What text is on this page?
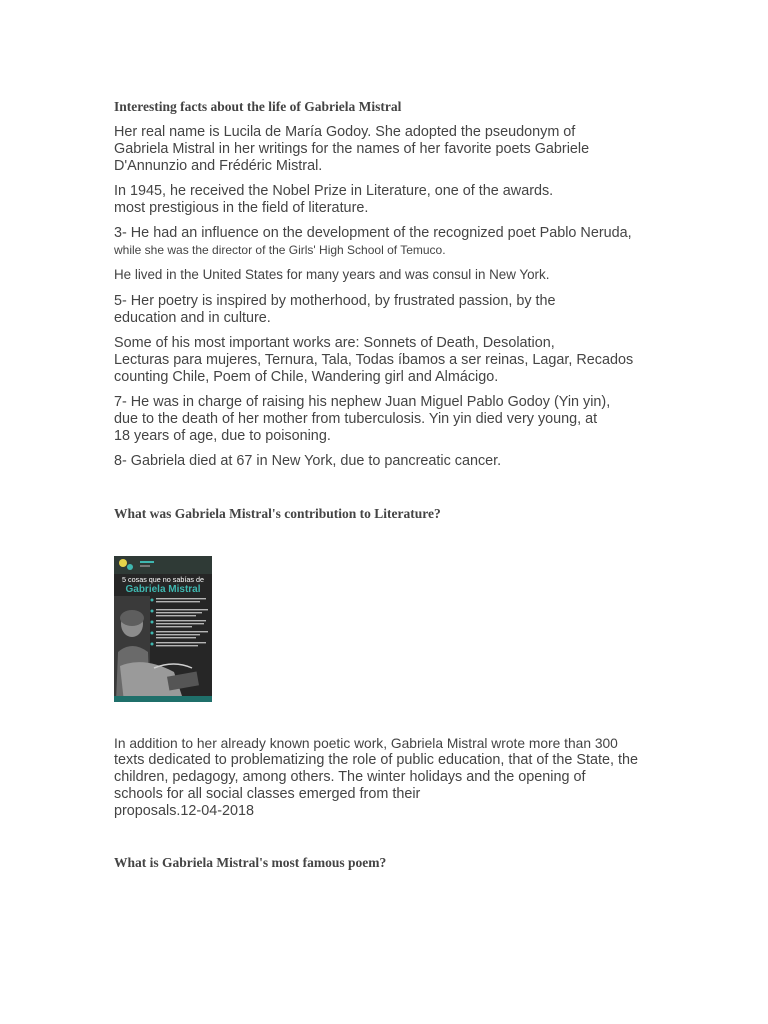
Interesting facts about the life of Gabriela Mistral

Her real name is Lucila de María Godoy. She adopted the pseudonym of
Gabriela Mistral in her writings for the names of her favorite poets Gabriele
D'Annunzio and Frédéric Mistral.

In 1945, he received the Nobel Prize in Literature, one of the awards.
most prestigious in the field of literature.

3- He had an influence on the development of the recognized poet Pablo Neruda,
while she was the director of the Girls' High School of Temuco.

He lived in the United States for many years and was consul in New York.

5- Her poetry is inspired by motherhood, by frustrated passion, by the
education and in culture.

Some of his most important works are: Sonnets of Death, Desolation,
Lecturas para mujeres, Ternura, Tala, Todas íbamos a ser reinas, Lagar, Recados
counting Chile, Poem of Chile, Wandering girl and Almácigo.

7- He was in charge of raising his nephew Juan Miguel Pablo Godoy (Yin yin),
due to the death of her mother from tuberculosis. Yin yin died very young, at
18 years of age, due to poisoning.

8- Gabriela died at 67 in New York, due to pancreatic cancer.

What was Gabriela Mistral's contribution to Literature?

In addition to her already known poetic work, Gabriela Mistral wrote more than 300
texts dedicated to problematizing the role of public education, that of the State, the
children, pedagogy, among others. The winter holidays and the opening of
schools for all social classes emerged from their
proposals.12-04-2018

What is Gabriela Mistral's most famous poem?
5 cosas que no sabías de
Gabriela Mistral
